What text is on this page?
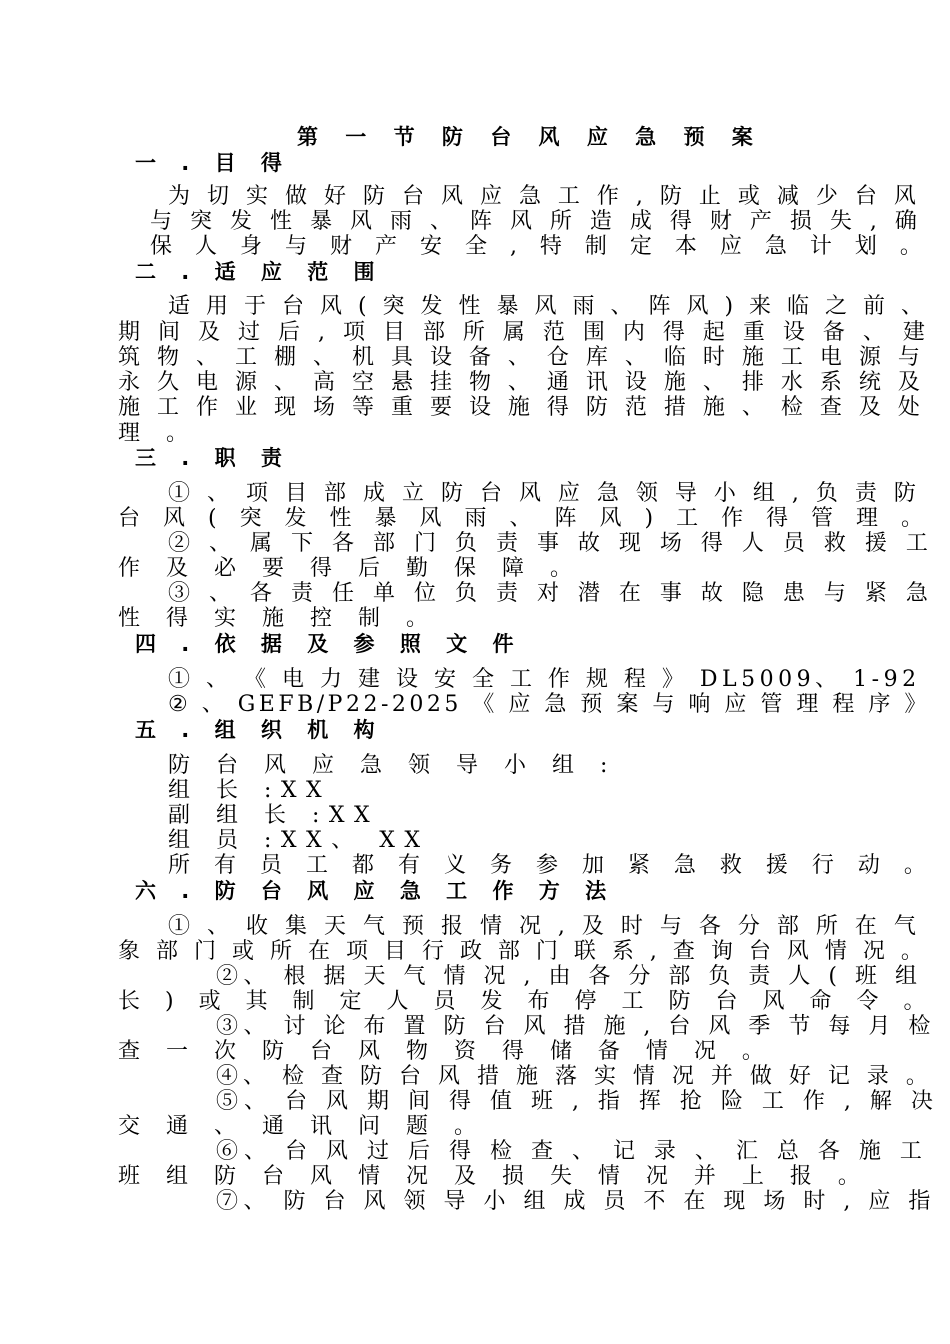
第 一 节 防 台 风 应 急 预 案
一 . 目 得
为 切 实 做 好 防 台 风 应 急 工 作 , 防 止 或 减 少 台 风
与 突 发 性 暴 风 雨 、 阵 风 所 造 成 得 财 产 损 失 , 确
保 人 身 与 财 产 安 全 , 特 制 定 本 应 急 计 划 。
二 . 适 应 范 围
适 用 于 台 风 ( 突 发 性 暴 风 雨 、 阵 风 ) 来 临 之 前 、
期 间 及 过 后 , 项 目 部 所 属 范 围 内 得 起 重 设 备 、 建
筑 物 、 工 棚 、 机 具 设 备 、 仓 库 、 临 时 施 工 电 源 与
永 久 电 源 、 高 空 悬 挂 物 、 通 讯 设 施 、 排 水 系 统 及
施 工 作 业 现 场 等 重 要 设 施 得 防 范 措 施 、 检 查 及 处
理 。
三 . 职 责
① 、 项 目 部 成 立 防 台 风 应 急 领 导 小 组 , 负 责 防
台 风 ( 突 发 性 暴 风 雨 、 阵 风 ) 工 作 得 管 理 。
② 、 属 下 各 部 门 负 责 事 故 现 场 得 人 员 救 援 工
作 及 必 要 得 后 勤 保 障 。
③ 、 各 责 任 单 位 负 责 对 潜 在 事 故 隐 患 与 紧 急
性 得 实 施 控 制 。
四 . 依 据 及 参 照 文 件
① 、 《 电 力 建 设 安 全 工 作 规 程 》 DL5009、 1-92
② 、 GEFB/P22-2025 《 应 急 预 案 与 响 应 管 理 程 序 》
五 . 组 织 机 构
防 台 风 应 急 领 导 小 组 :
组 长 :XX
副 组 长 :XX
组 员 :XX、 XX
所 有 员 工 都 有 义 务 参 加 紧 急 救 援 行 动 。
六 . 防 台 风 应 急 工 作 方 法
① 、 收 集 天 气 预 报 情 况 , 及 时 与 各 分 部 所 在 气
象 部 门 或 所 在 项 目 行 政 部 门 联 系 , 查 询 台 风 情 况 。
②、 根 据 天 气 情 况 , 由 各 分 部 负 责 人 ( 班 组
长 ) 或 其 制 定 人 员 发 布 停 工 防 台 风 命 令 。
③、 讨 论 布 置 防 台 风 措 施 , 台 风 季 节 每 月 检
查 一 次 防 台 风 物 资 得 储 备 情 况 。
④、 检 查 防 台 风 措 施 落 实 情 况 并 做 好 记 录 。
⑤、 台 风 期 间 得 值 班 , 指 挥 抢 险 工 作 , 解 决
交 通 、 通 讯 问 题 。
⑥、 台 风 过 后 得 检 查 、 记 录 、 汇 总 各 施 工
班 组 防 台 风 情 况 及 损 失 情 况 并 上 报 。
⑦、 防 台 风 领 导 小 组 成 员 不 在 现 场 时 , 应 指
